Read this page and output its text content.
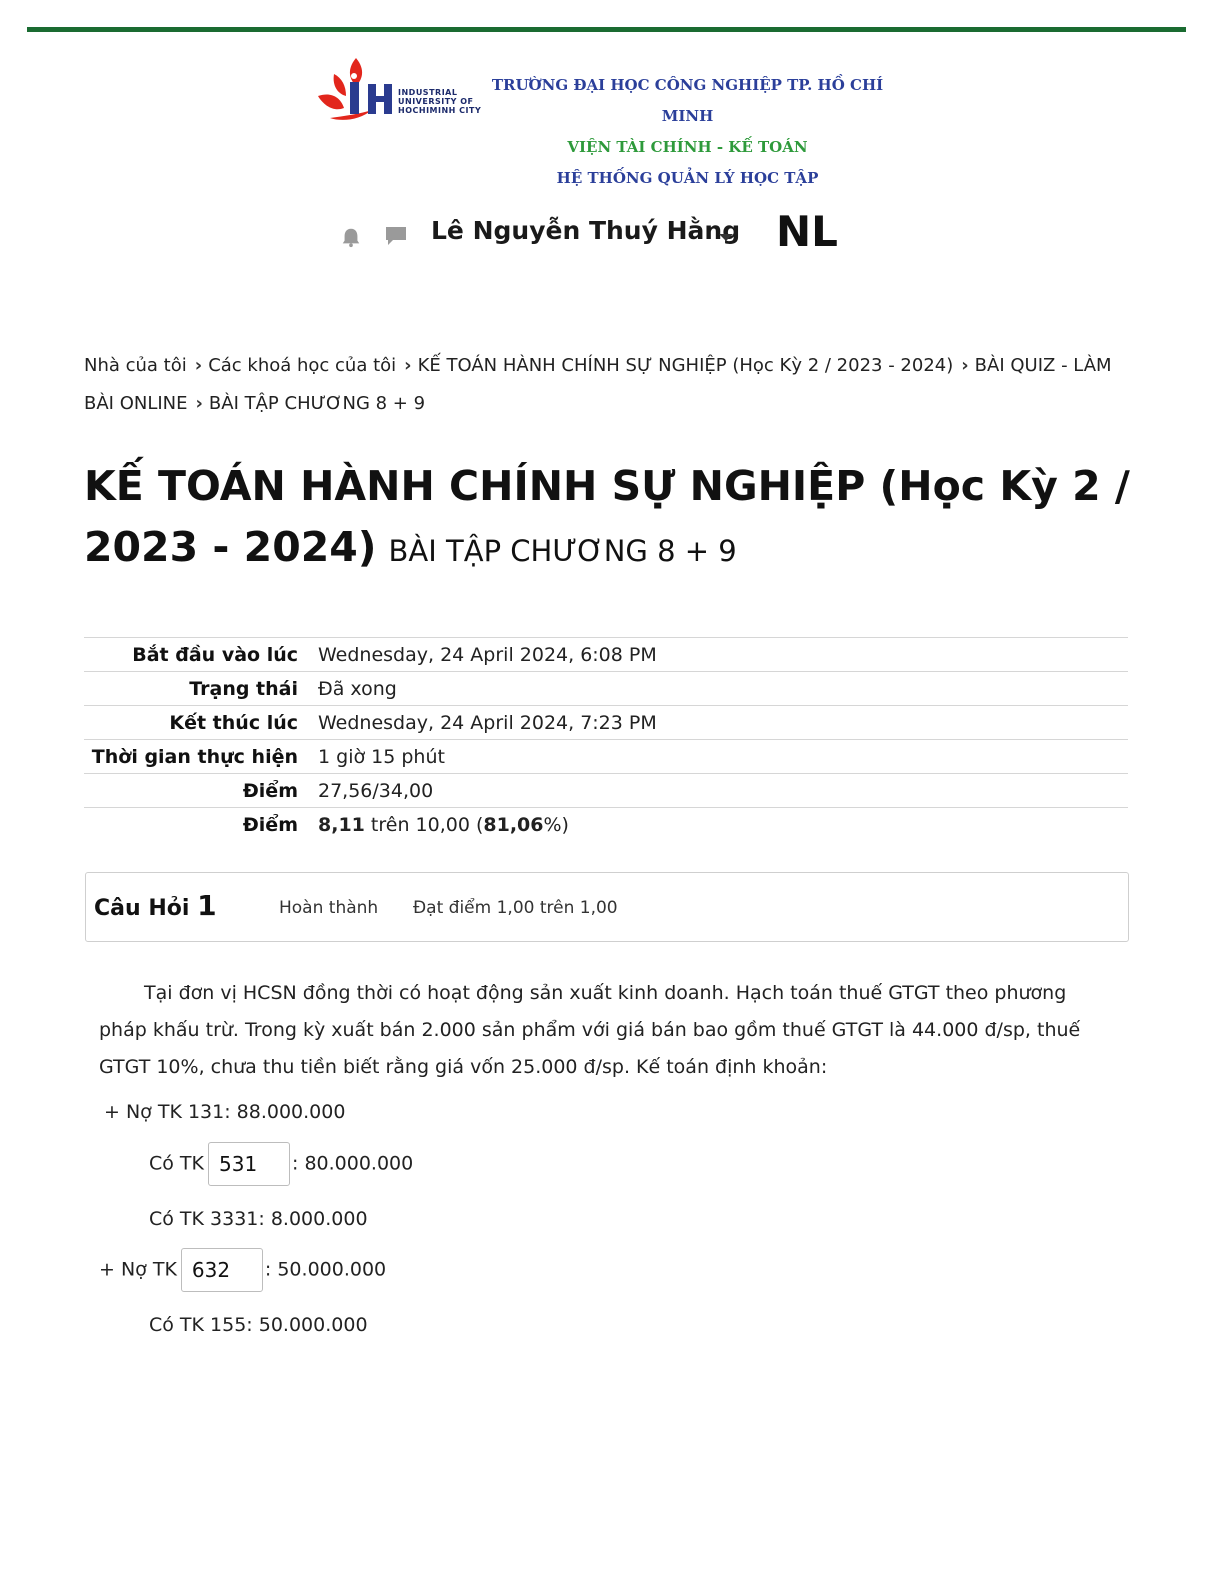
INDUSTRIAL
UNIVERSITY OF
HOCHIMINH CITY
TRƯỜNG ĐẠI HỌC CÔNG NGHIỆP TP. HỒ CHÍ MINH
VIỆN TÀI CHÍNH - KẾ TOÁN
HỆ THỐNG QUẢN LÝ HỌC TẬP
Lê Nguyễn Thuý Hằng NL
Nhà của tôi › Các khoá học của tôi › KẾ TOÁN HÀNH CHÍNH SỰ NGHIỆP (Học Kỳ 2 / 2023 - 2024) › BÀI QUIZ - LÀM BÀI ONLINE › BÀI TẬP CHƯƠNG 8 + 9
KẾ TOÁN HÀNH CHÍNH SỰ NGHIỆP (Học Kỳ 2 / 2023 - 2024) BÀI TẬP CHƯƠNG 8 + 9
Bắt đầu vào lúc	Wednesday, 24 April 2024, 6:08 PM
Trạng thái	Đã xong
Kết thúc lúc	Wednesday, 24 April 2024, 7:23 PM
Thời gian thực hiện	1 giờ 15 phút
Điểm	27,56/34,00
Điểm	8,11 trên 10,00 (81,06%)
Câu Hỏi 1	Hoàn thành Đạt điểm 1,00 trên 1,00
Tại đơn vị HCSN đồng thời có hoạt động sản xuất kinh doanh. Hạch toán thuế GTGT theo phương pháp khấu trừ. Trong kỳ xuất bán 2.000 sản phẩm với giá bán bao gồm thuế GTGT là 44.000 đ/sp, thuế GTGT 10%, chưa thu tiền biết rằng giá vốn 25.000 đ/sp. Kế toán định khoản:
+ Nợ TK 131: 88.000.000
Có TK 531 : 80.000.000
Có TK 3331: 8.000.000
+ Nợ TK 632 : 50.000.000
Có TK 155: 50.000.000
